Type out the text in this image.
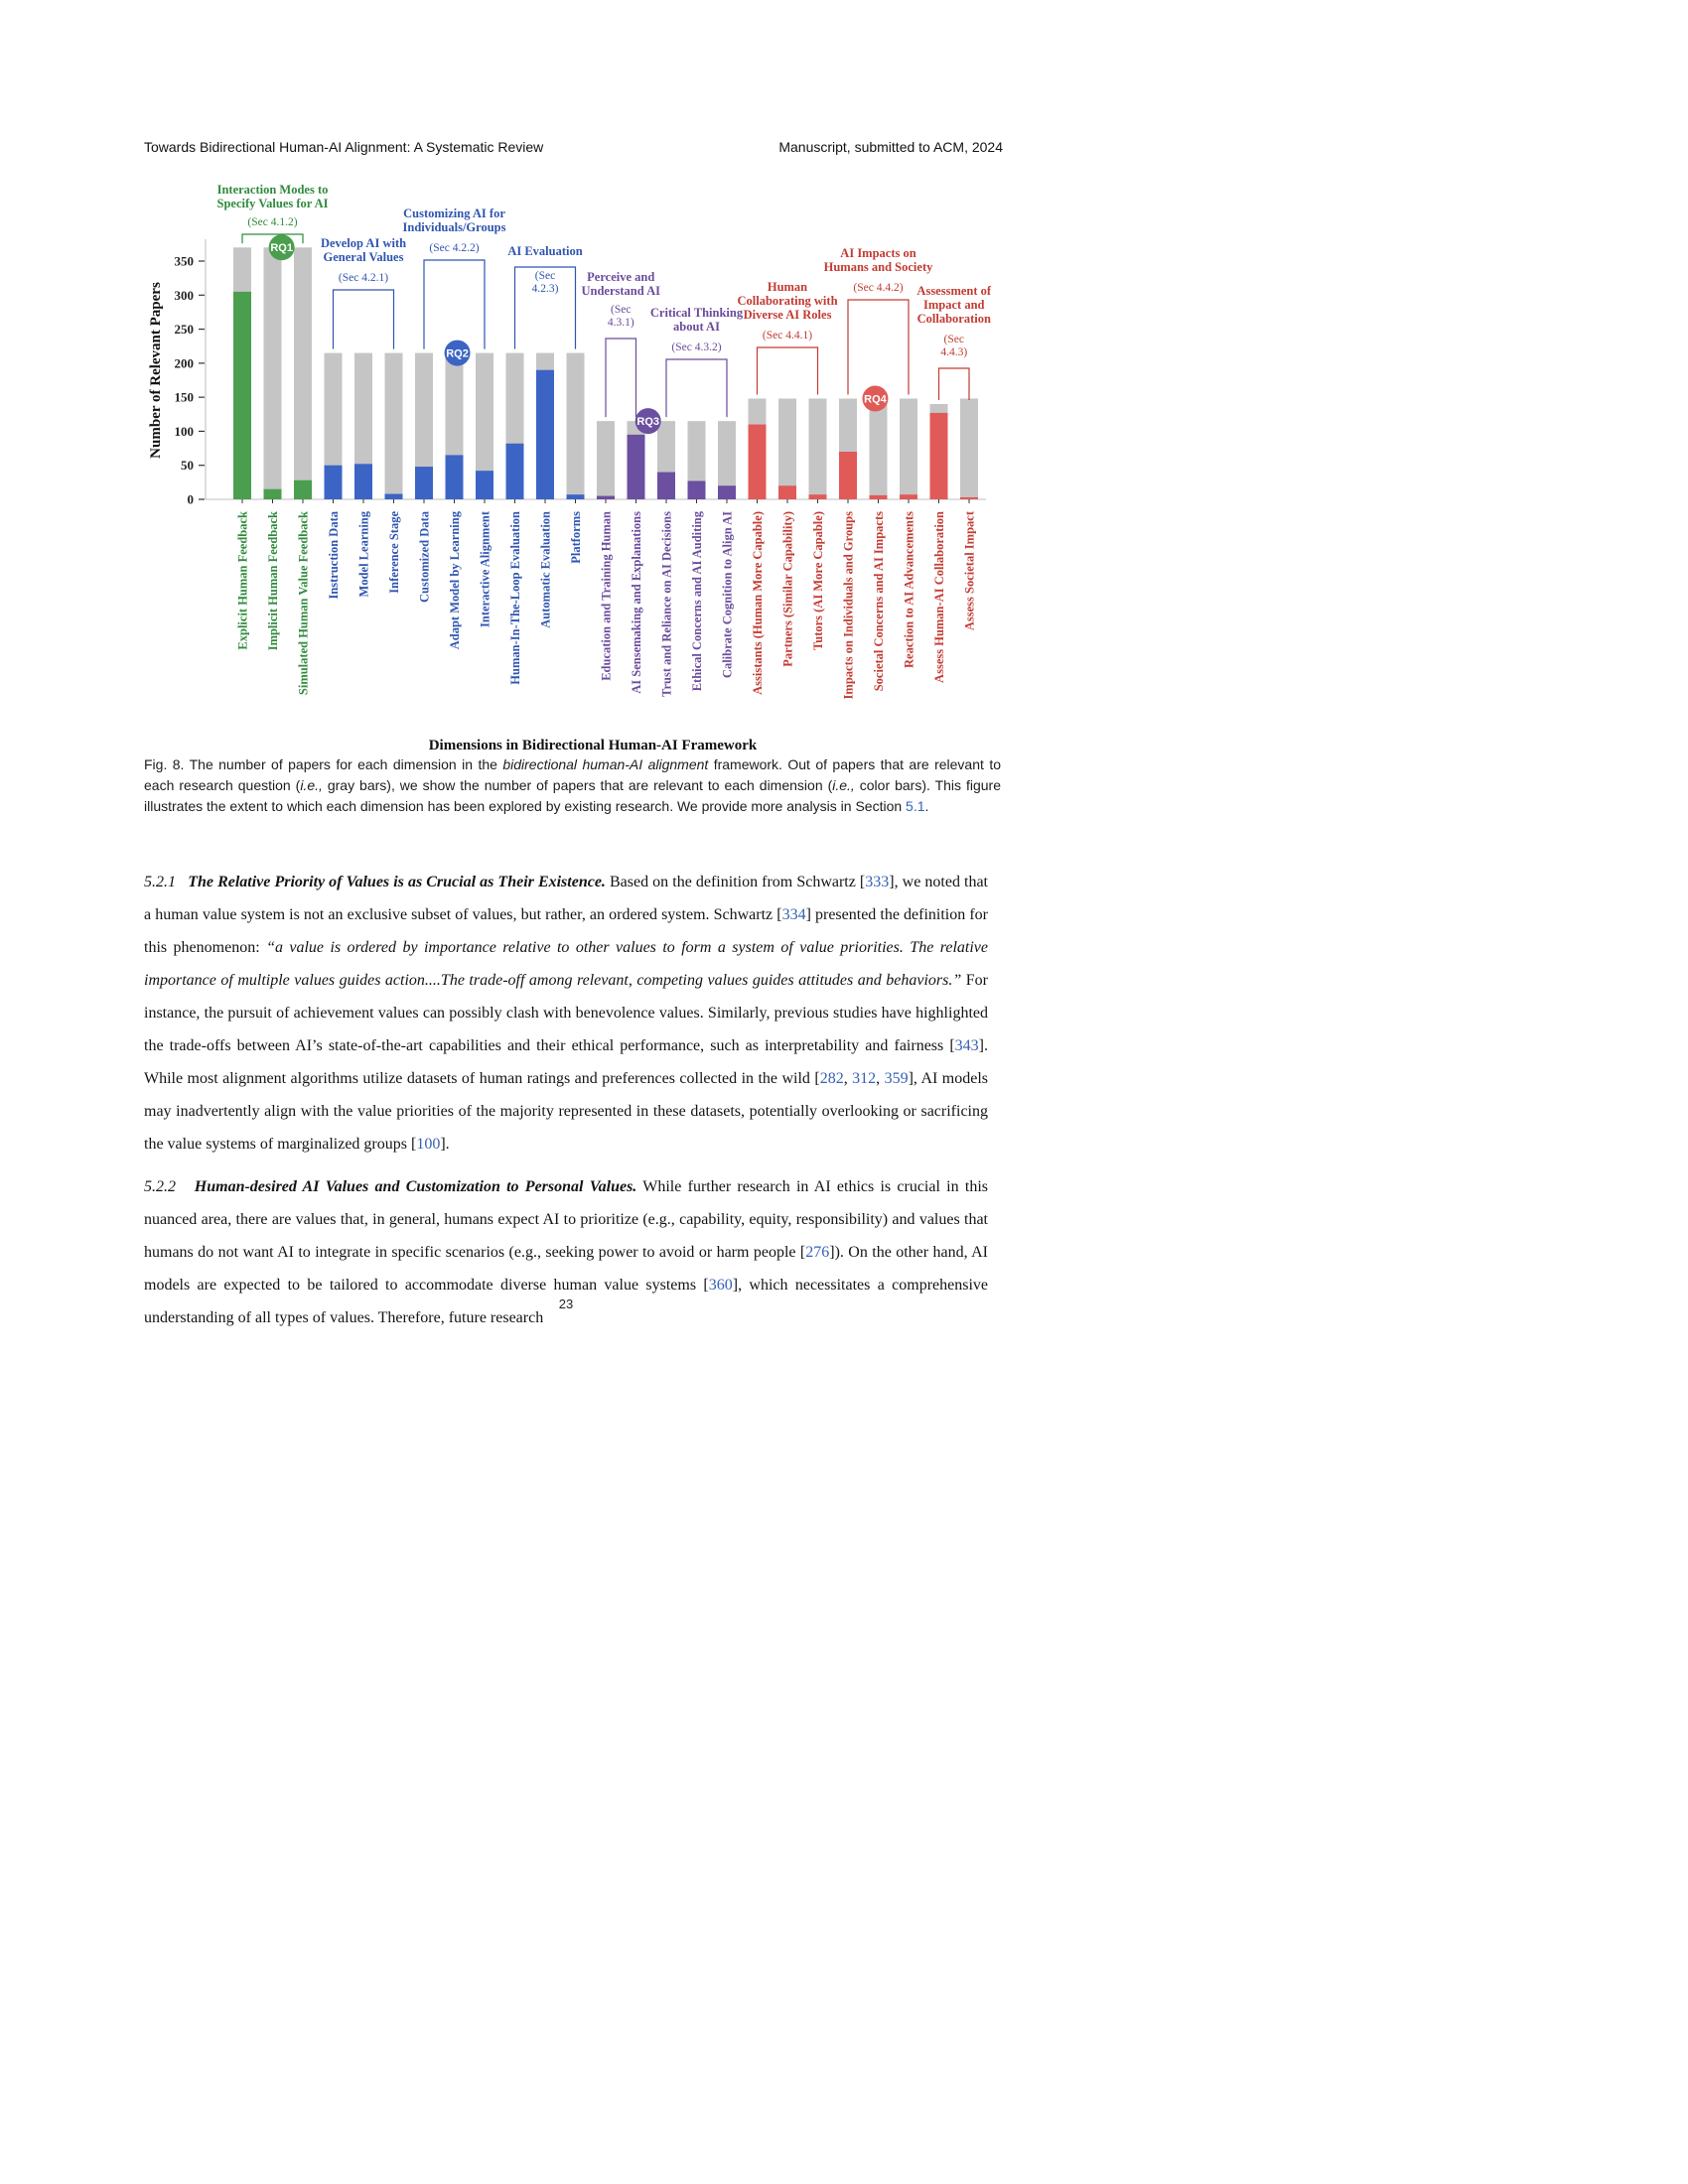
Towards Bidirectional Human-AI Alignment: A Systematic Review	Manuscript, submitted to ACM, 2024
0
50
100
150
200
250
300
350
Number of Relevant Papers
Explicit Human Feedback Implicit Human Feedback Simulated Human Value Feedback Instruction Data Model Learning Inference Stage Customized Data Adapt Model by Learning Interactive Alignment Human-In-The-Loop Evaluation Automatic Evaluation Platforms Education and Training Human AI Sensemaking and Explanations Trust and Reliance on AI Decisions Ethical Concerns and AI Auditing Calibrate Cognition to Align AI Assistants (Human More Capable) Partners (Similar Capability) Tutors (AI More Capable) Impacts on Individuals and Groups Societal Concerns and AI Impacts Reaction to AI Advancements Assess Human-AI Collaboration Assess Societal Impact
Dimensions in Bidirectional Human-AI Framework
Interaction Modes to
Specify Values for AI
(Sec 4.1.2)
Develop AI with
General Values
(Sec 4.2.1)
Customizing AI for
Individuals/Groups
(Sec 4.2.2) AI Evaluation
(Sec
4.2.3)
Perceive and
Understand AI
(Sec
4.3.1)
Critical Thinking
about AI
(Sec 4.3.2)
Human
Collaborating with
Diverse AI Roles
(Sec 4.4.1)
AI Impacts on
Humans and Society
(Sec 4.4.2) Assessment of
Impact and
Collaboration
(Sec
4.4.3)
RQ1
RQ2
RQ3
RQ4
Fig. 8. The number of papers for each dimension in the bidirectional human-AI alignment framework. Out of papers that are relevant to each research question (i.e., gray bars), we show the number of papers that are relevant to each dimension (i.e., color bars). This figure illustrates the extent to which each dimension has been explored by existing research. We provide more analysis in Section 5.1.

5.2.1 The Relative Priority of Values is as Crucial as Their Existence. Based on the definition from Schwartz [333], we noted that a human value system is not an exclusive subset of values, but rather, an ordered system. Schwartz [334] presented the definition for this phenomenon: “a value is ordered by importance relative to other values to form a system of value priorities. The relative importance of multiple values guides action....The trade-off among relevant, competing values guides attitudes and behaviors.” For instance, the pursuit of achievement values can possibly clash with benevolence values. Similarly, previous studies have highlighted the trade-offs between AI’s state-of-the-art capabilities and their ethical performance, such as interpretability and fairness [343]. While most alignment algorithms utilize datasets of human ratings and preferences collected in the wild [282, 312, 359], AI models may inadvertently align with the value priorities of the majority represented in these datasets, potentially overlooking or sacrificing the value systems of marginalized groups [100].

5.2.2 Human-desired AI Values and Customization to Personal Values. While further research in AI ethics is crucial in this nuanced area, there are values that, in general, humans expect AI to prioritize (e.g., capability, equity, responsibility) and values that humans do not want AI to integrate in specific scenarios (e.g., seeking power to avoid or harm people [276]). On the other hand, AI models are expected to be tailored to accommodate diverse human value systems [360], which necessitates a comprehensive understanding of all types of values. Therefore, future research

23
